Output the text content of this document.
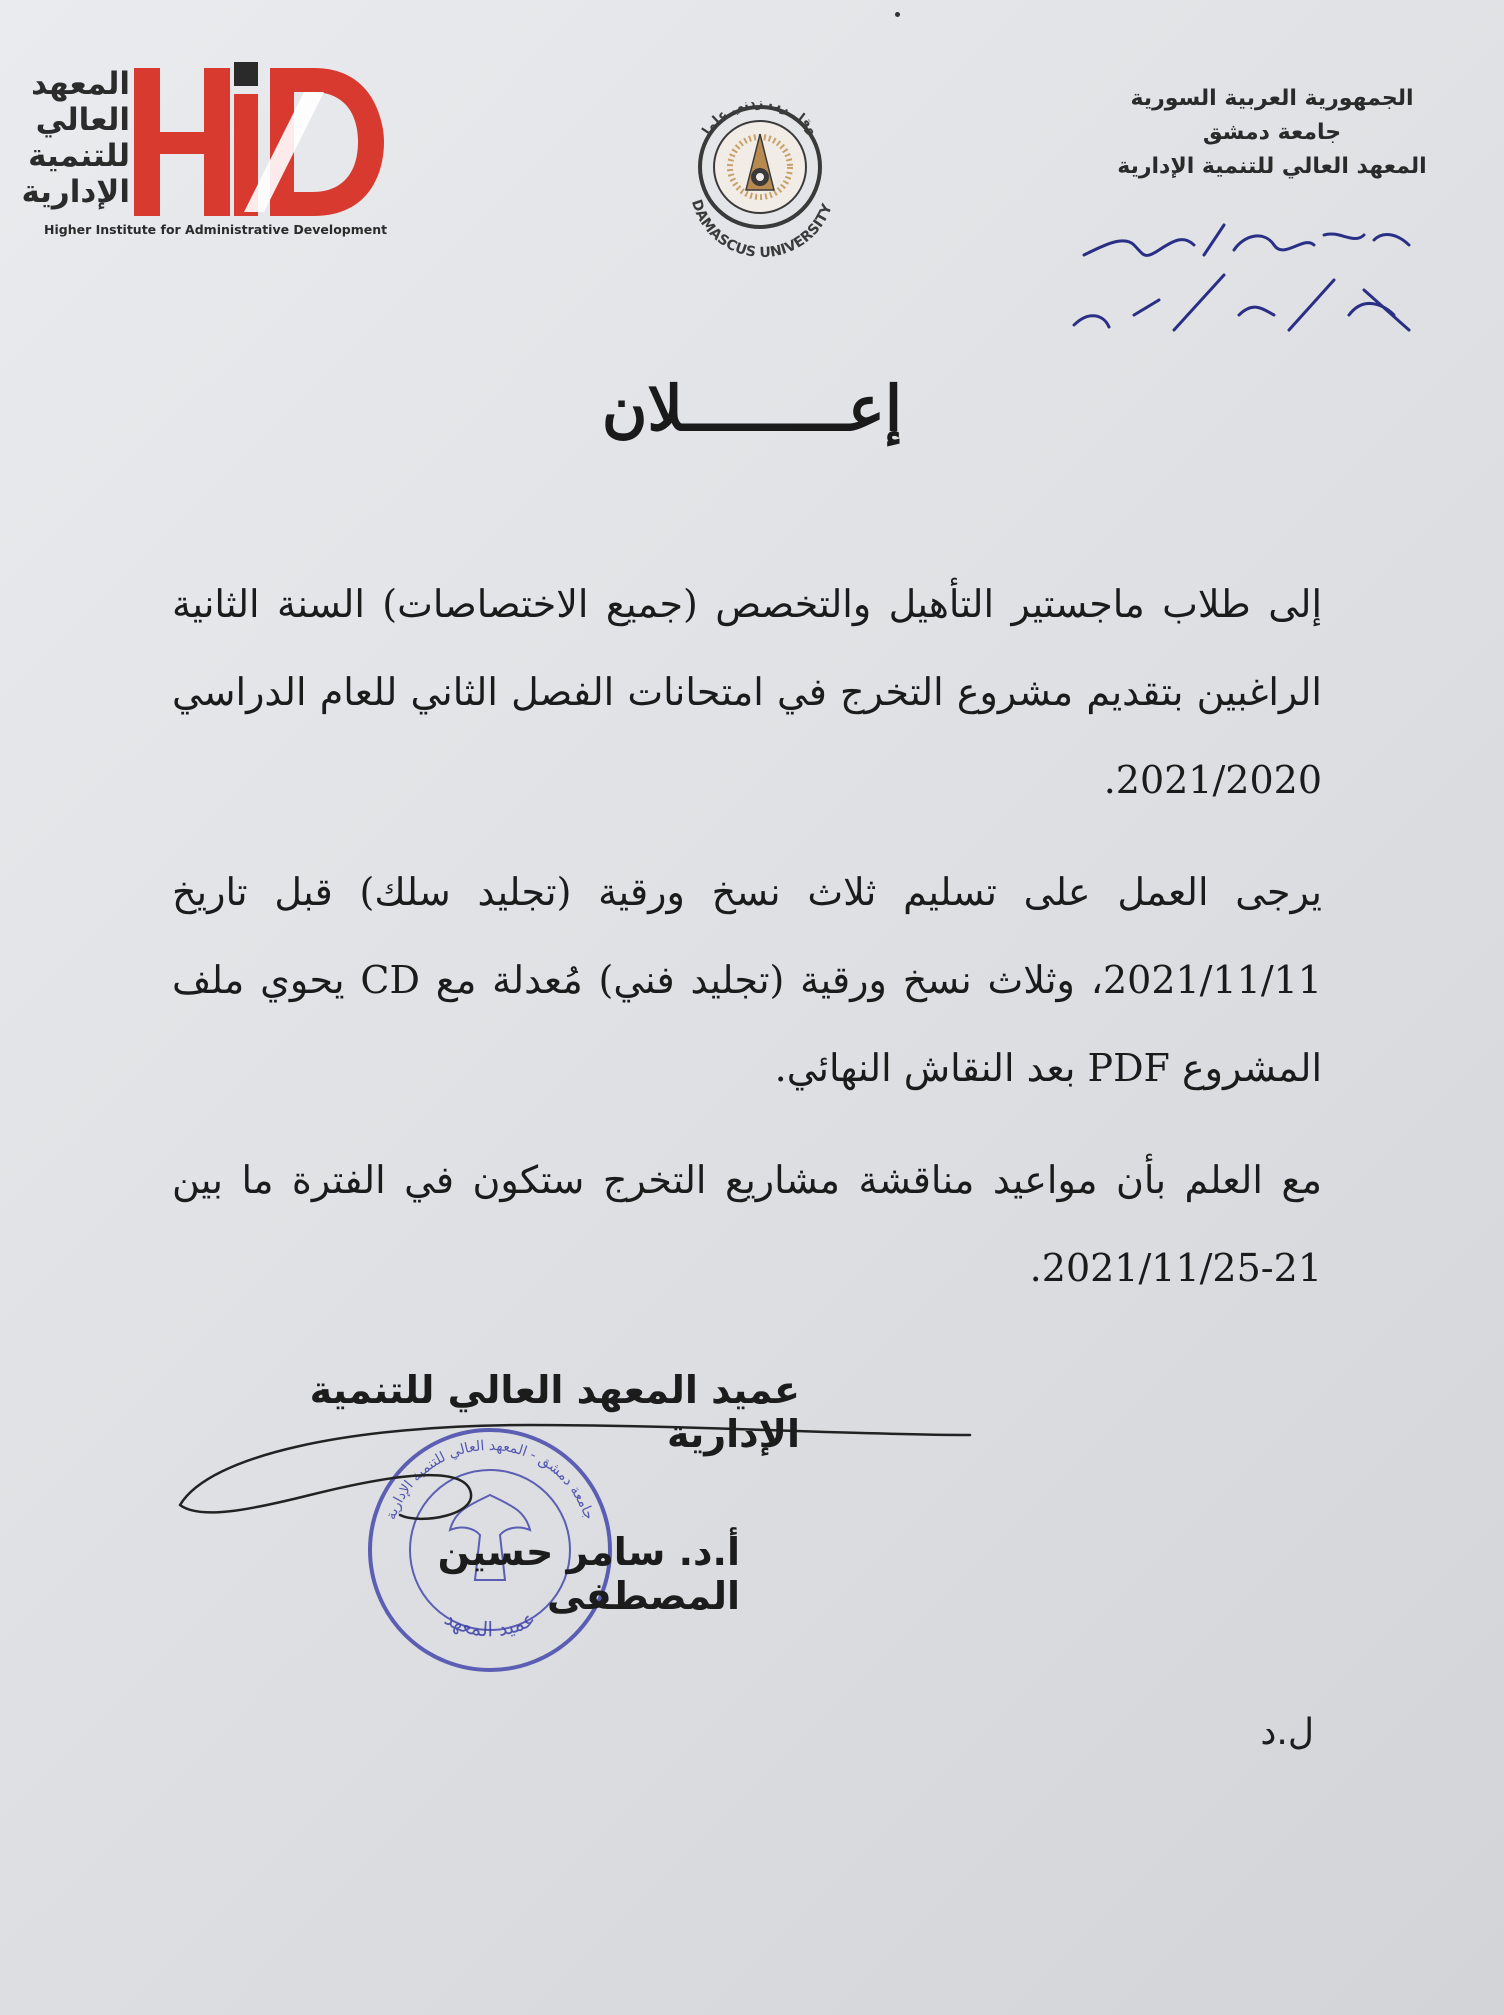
المعهد
العالي
للتنمية
الإدارية
Higher Institute for Administrative Development
وقل رب زدني علما
DAMASCUS UNIVERSITY
الجمهورية العربية السورية
جامعة دمشق
المعهد العالي للتنمية الإدارية
إعـــــــــلان

إلى طلاب ماجستير التأهيل والتخصص (جميع الاختصاصات) السنة الثانية الراغبين بتقديم مشروع التخرج في امتحانات الفصل الثاني للعام الدراسي 2021/2020.

يرجى العمل على تسليم ثلاث نسخ ورقية (تجليد سلك) قبل تاريخ 2021/11/11، وثلاث نسخ ورقية (تجليد فني) مُعدلة مع CD يحوي ملف المشروع PDF بعد النقاش النهائي.

مع العلم بأن مواعيد مناقشة مشاريع التخرج ستكون في الفترة ما بين 21-2021/11/25.

جامعة دمشق - المعهد العالي للتنمية الإدارية
عميد المعهد
عميد المعهد العالي للتنمية الإدارية
أ.د. سامر حسين المصطفى
ل.د
